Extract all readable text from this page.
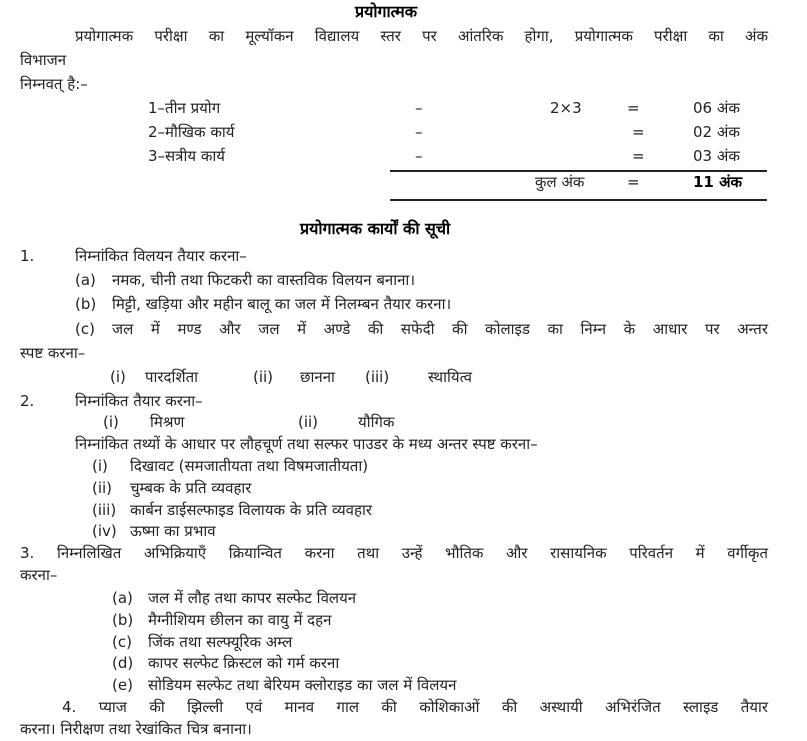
प्रयोगात्मक
प्रयोगात्मक परीक्षा का मूल्यॉकन विद्यालय स्तर पर आंतरिक होगा, प्रयोगात्मक परीक्षा का अंक
विभाजन
निम्नवत् है:–
1–तीन प्रयोग	–	2×3	=	06 अंक
2–मौखिक कार्य	–	=	02 अंक
3–सत्रीय कार्य	–	=	03 अंक
कुल अंक	=	11 अंक
प्रयोगात्मक कार्यों की सूची
1.	निम्नांकित विलयन तैयार करना–
(a) नमक, चीनी तथा फिटकरी का वास्तविक विलयन बनाना।
(b) मिट्टी, खड़िया और महीन बालू का जल में निलम्बन तैयार करना।
(c) जल में मण्ड और जल में अण्डे की सफेदी की कोलाइड का निम्न के आधार पर अन्तर
स्पष्ट करना–
(i) पारदर्शिता	(ii) छानना (iii)	स्थायित्व
2.	निम्नांकित तैयार करना–
(i) मिश्रण	(ii)	यौगिक
निम्नांकित तथ्यों के आधार पर लौहचूर्ण तथा सल्फर पाउडर के मध्य अन्तर स्पष्ट करना–
(i) दिखावट (समजातीयता तथा विषमजातीयता)
(ii) चुम्बक के प्रति व्यवहार
(iii) कार्बन डाईसल्फाइड विलायक के प्रति व्यवहार
(iv) ऊष्मा का प्रभाव
3. निम्नलिखित अभिक्रियाएँ क्रियान्वित करना तथा उन्हें भौतिक और रासायनिक परिवर्तन में वर्गीकृत
करना–
(a) जल में लौह तथा कापर सल्फेट विलयन
(b) मैग्नीशियम छीलन का वायु में दहन
(c) जिंक तथा सल्फ्यूरिक अम्ल
(d) कापर सल्फेट क्रिस्टल को गर्म करना
(e) सोडियम सल्फेट तथा बेरियम क्लोराइड का जल में विलयन
4. प्याज की झिल्ली एवं मानव गाल की कोशिकाओं की अस्थायी अभिरंजित स्लाइड तैयार
करना। निरीक्षण तथा रेखांकित चित्र बनाना।
